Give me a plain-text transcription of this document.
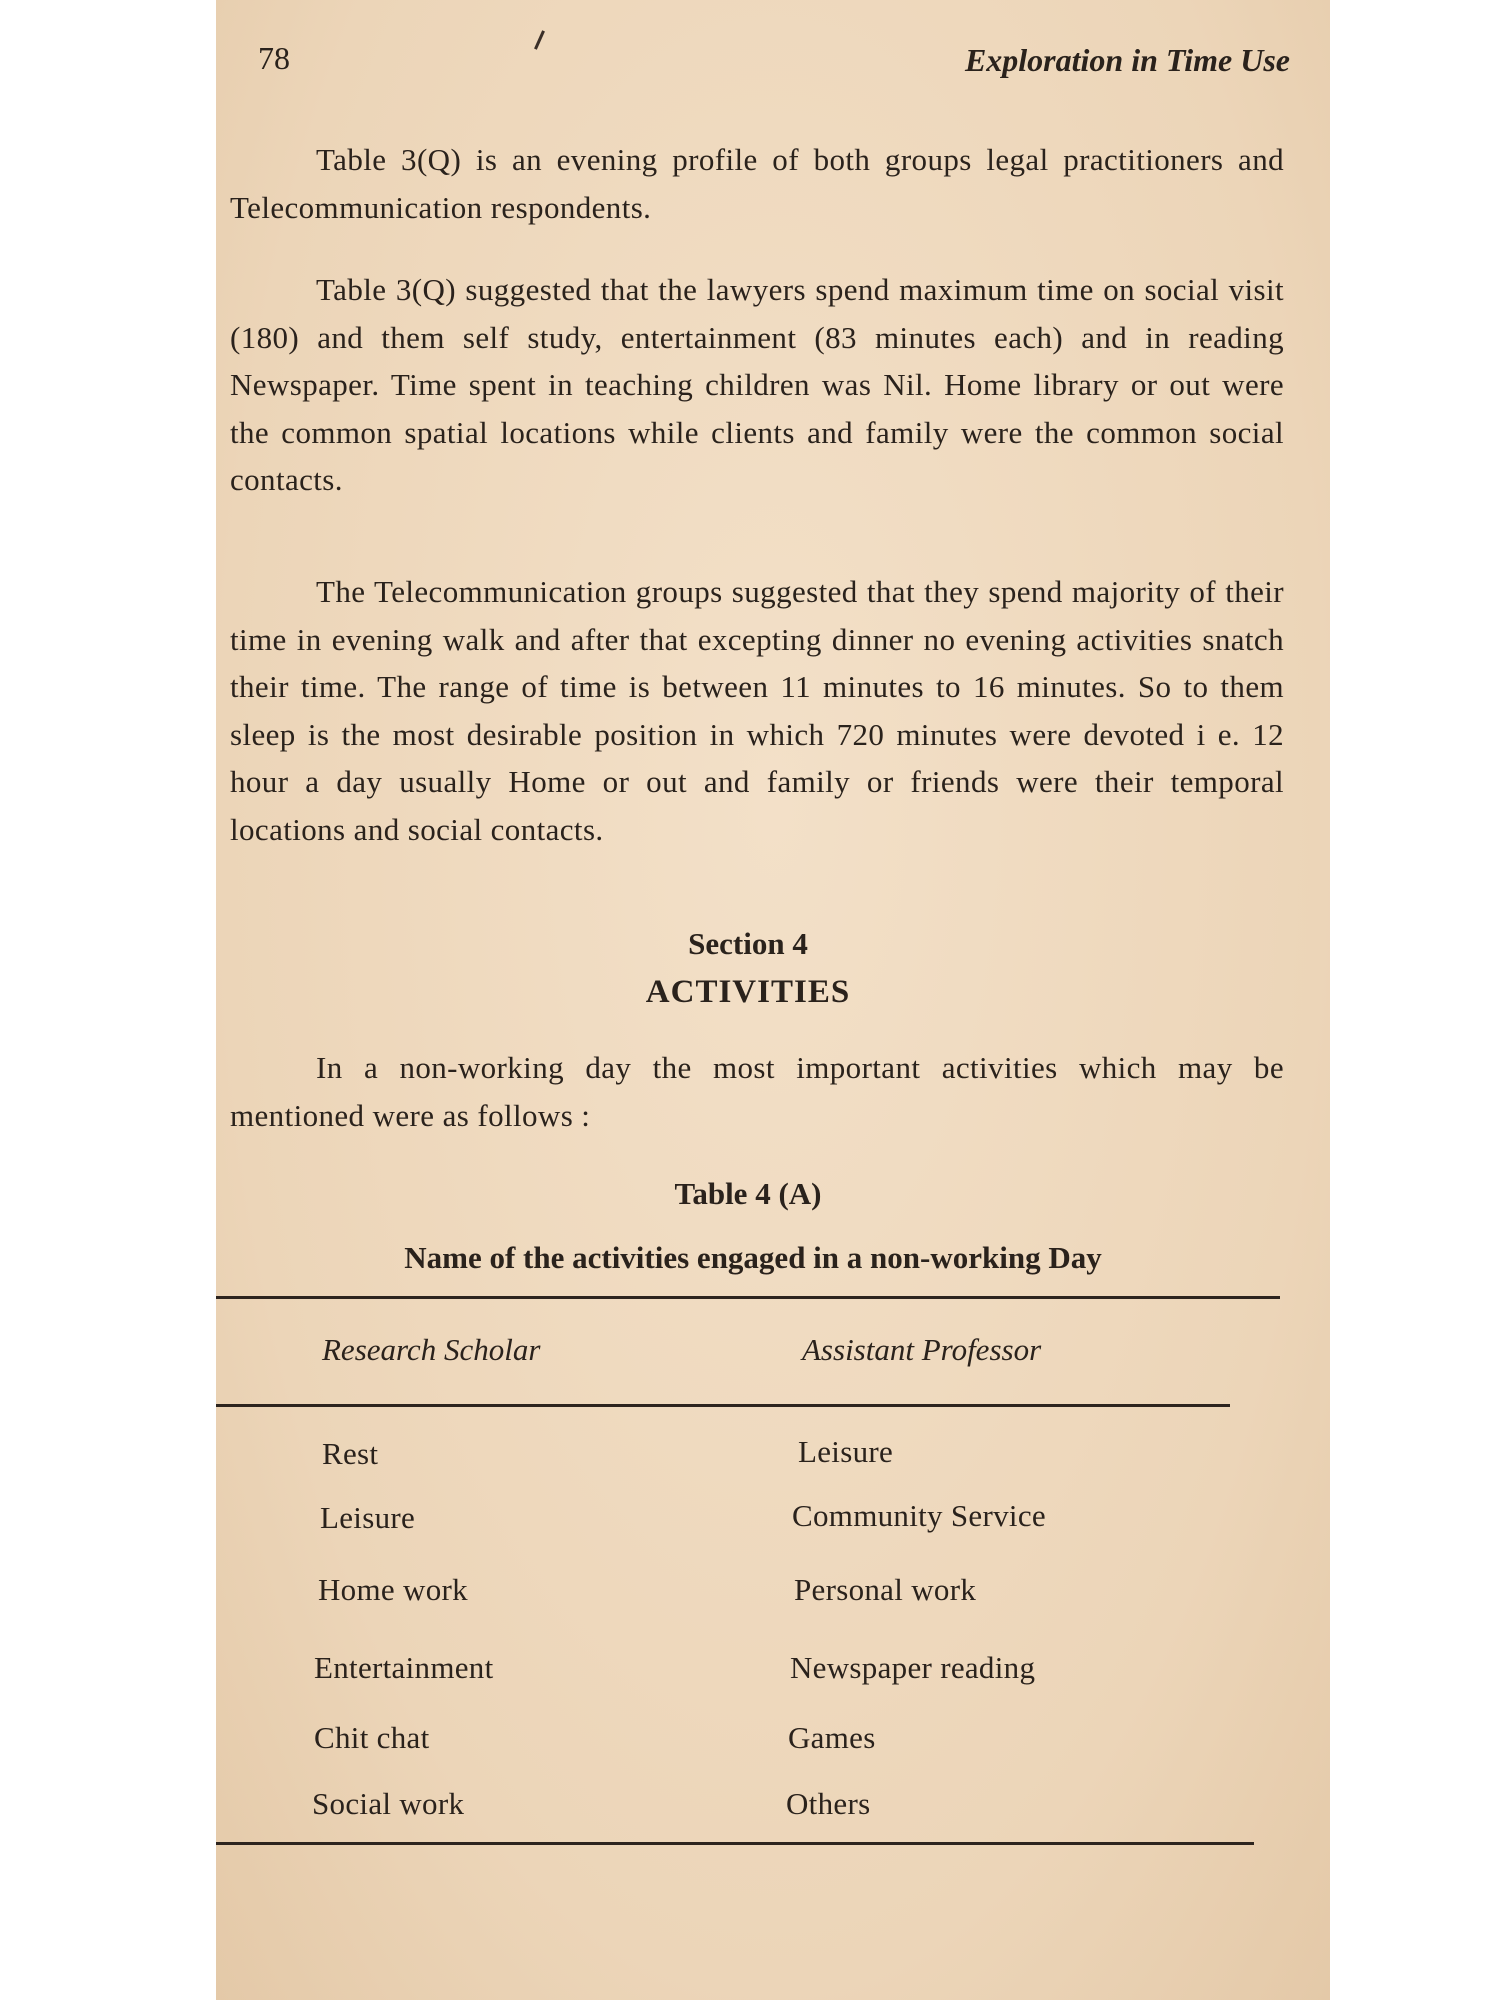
78	Exploration in Time Use

Table 3(Q) is an evening profile of both groups legal practitioners and Telecommunication respondents.

Table 3(Q) suggested that the lawyers spend maximum time on social visit (180) and them self study, entertainment (83 minutes each) and in reading Newspaper. Time spent in teaching children was Nil. Home library or out were the common spatial locations while clients and family were the common social contacts.

The Telecommunication groups suggested that they spend majority of their time in evening walk and after that excepting dinner no evening activities snatch their time. The range of time is between 11 minutes to 16 minutes. So to them sleep is the most desirable position in which 720 minutes were devoted i e. 12 hour a day usually Home or out and family or friends were their temporal locations and social contacts.

Section 4
ACTIVITIES

In a non-working day the most important activities which may be mentioned were as follows :

Table 4 (A)
Name of the activities engaged in a non-working Day
Research Scholar	Assistant Professor
Rest	Leisure
Leisure	Community Service
Home work	Personal work
Entertainment	Newspaper reading
Chit chat	Games
Social work	Others
